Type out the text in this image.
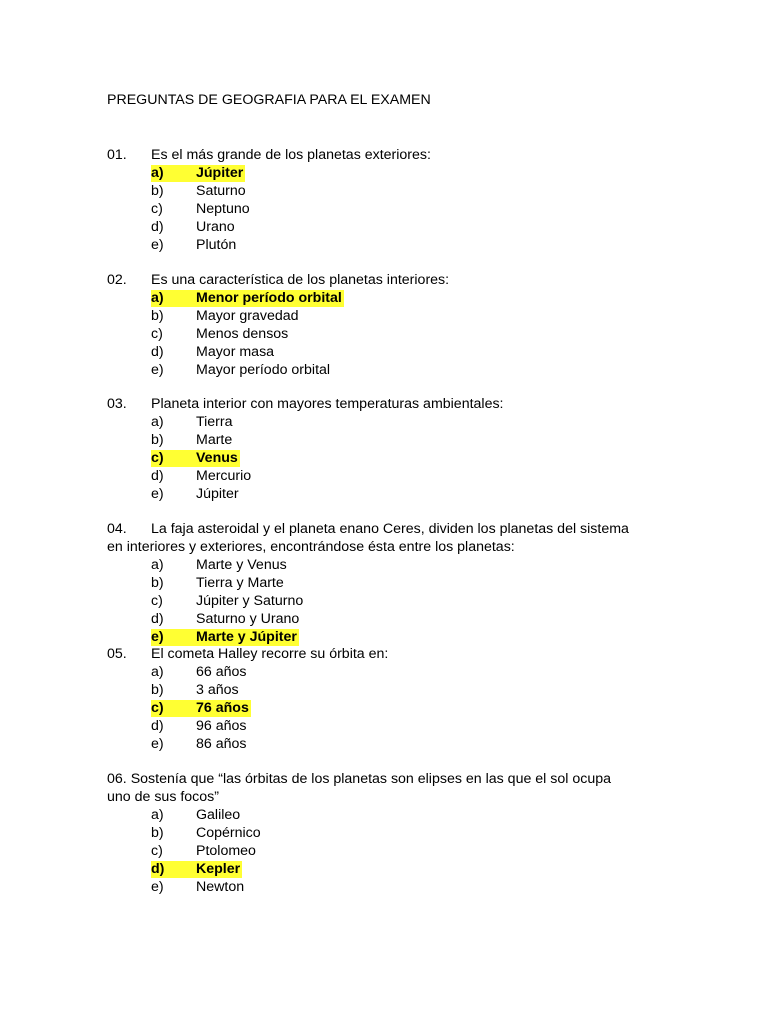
PREGUNTAS DE GEOGRAFIA PARA EL EXAMEN
01. Es el más grande de los planetas exteriores:
a) Júpiter
b) Saturno
c) Neptuno
d) Urano
e) Plutón
02. Es una característica de los planetas interiores:
a) Menor período orbital
b) Mayor gravedad
c) Menos densos
d) Mayor masa
e) Mayor período orbital
03. Planeta interior con mayores temperaturas ambientales:
a) Tierra
b) Marte
c) Venus
d) Mercurio
e) Júpiter
04. La faja asteroidal y el planeta enano Ceres, dividen los planetas del sistema
en interiores y exteriores, encontrándose ésta entre los planetas:
a) Marte y Venus
b) Tierra y Marte
c) Júpiter y Saturno
d) Saturno y Urano
e) Marte y Júpiter
05. El cometa Halley recorre su órbita en:
a) 66 años
b) 3 años
c) 76 años
d) 96 años
e) 86 años
06. Sostenía que “las órbitas de los planetas son elipses en las que el sol ocupa
uno de sus focos”
a) Galileo
b) Copérnico
c) Ptolomeo
d) Kepler
e) Newton
